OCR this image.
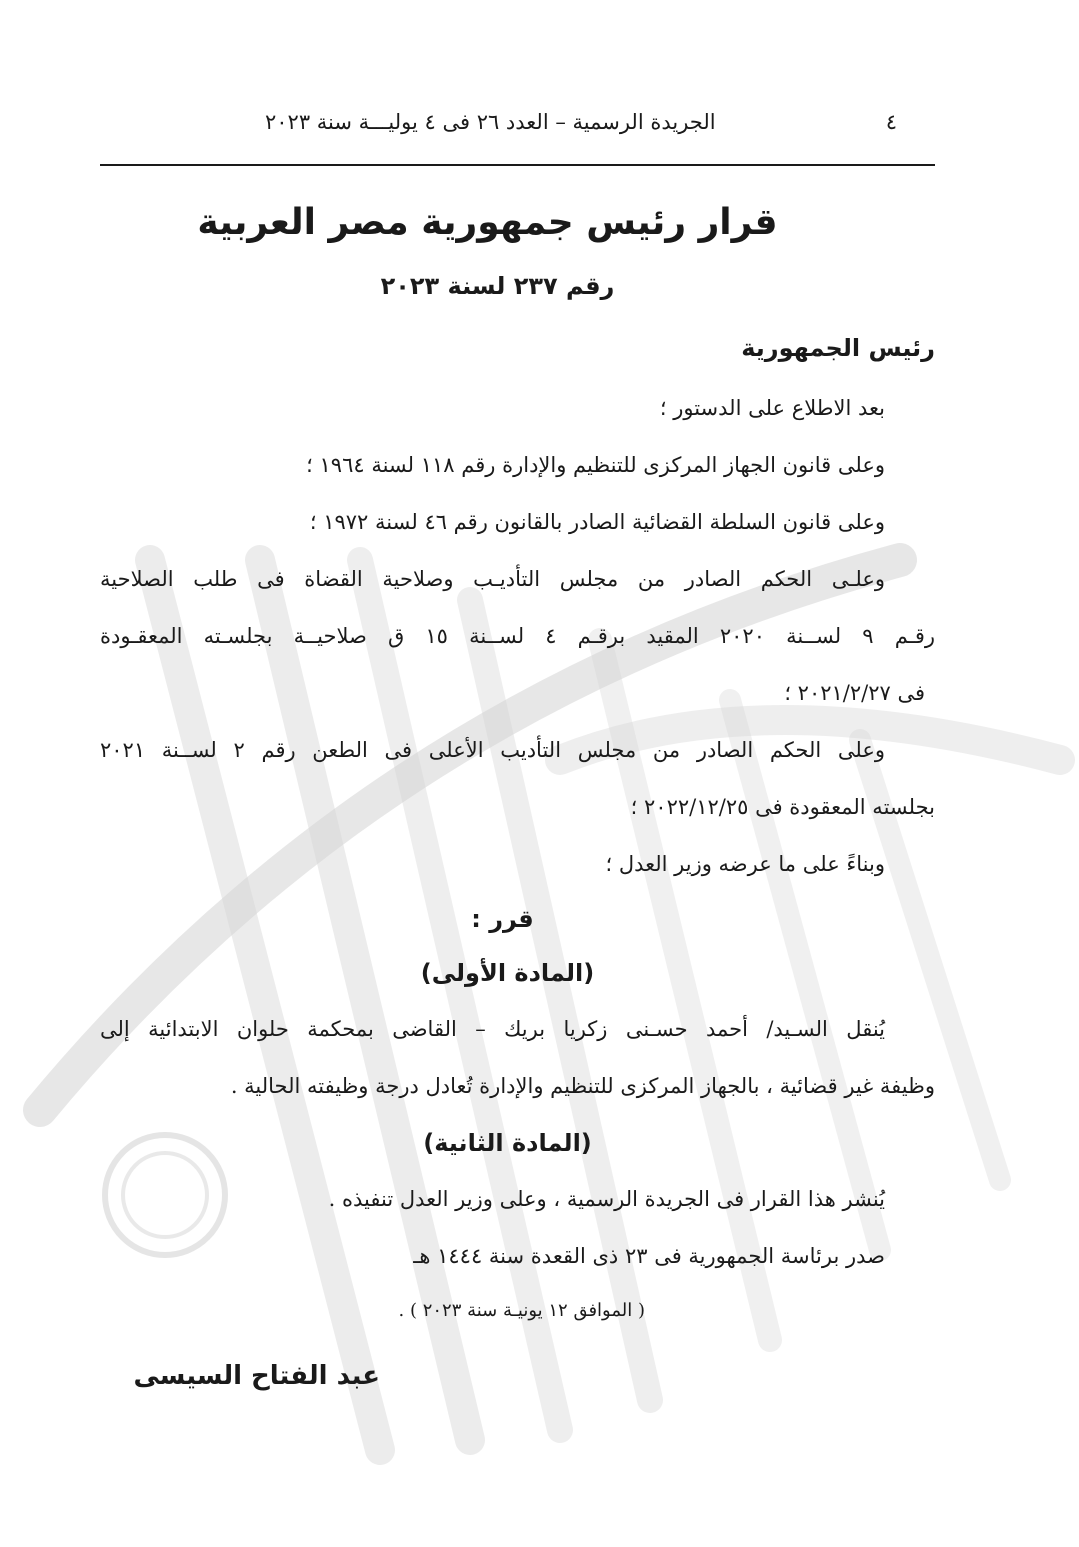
٤
الجريدة الرسمية – العدد ٢٦ فى ٤ يوليـــة سنة ٢٠٢٣
قرار رئيس جمهورية مصر العربية
رقم ٢٣٧ لسنة ٢٠٢٣
رئيس الجمهورية

بعد الاطلاع على الدستور ؛

وعلى قانون الجهاز المركزى للتنظيم والإدارة رقم ١١٨ لسنة ١٩٦٤ ؛

وعلى قانون السلطة القضائية الصادر بالقانون رقم ٤٦ لسنة ١٩٧٢ ؛

وعلـى الحكم الصادر من مجلس التأديـب وصلاحية القضاة فى طلب الصلاحية

رقـم ٩ لســنة ٢٠٢٠ المقيد برقـم ٤ لســنة ١٥ ق صلاحيــة بجلسـته المعقـودة

فى ٢٠٢١/٢/٢٧ ؛

وعلى الحكم الصادر من مجلس التأديب الأعلى فى الطعن رقم ٢ لســنة ٢٠٢١

بجلسته المعقودة فى ٢٠٢٢/١٢/٢٥ ؛

وبناءً على ما عرضه وزير العدل ؛

قرر :
(المادة الأولى)

يُنقل السـيد/ أحمد حسـنى زكريا بريك – القاضى بمحكمة حلوان الابتدائية إلى

وظيفة غير قضائية ، بالجهاز المركزى للتنظيم والإدارة تُعادل درجة وظيفته الحالية .

(المادة الثانية)

يُنشر هذا القرار فى الجريدة الرسمية ، وعلى وزير العدل تنفيذه .

صدر برئاسة الجمهورية فى ٢٣ ذى القعدة سنة ١٤٤٤ هـ

( الموافق ١٢ يونيـة سنة ٢٠٢٣ ) .

عبد الفتاح السيسى
